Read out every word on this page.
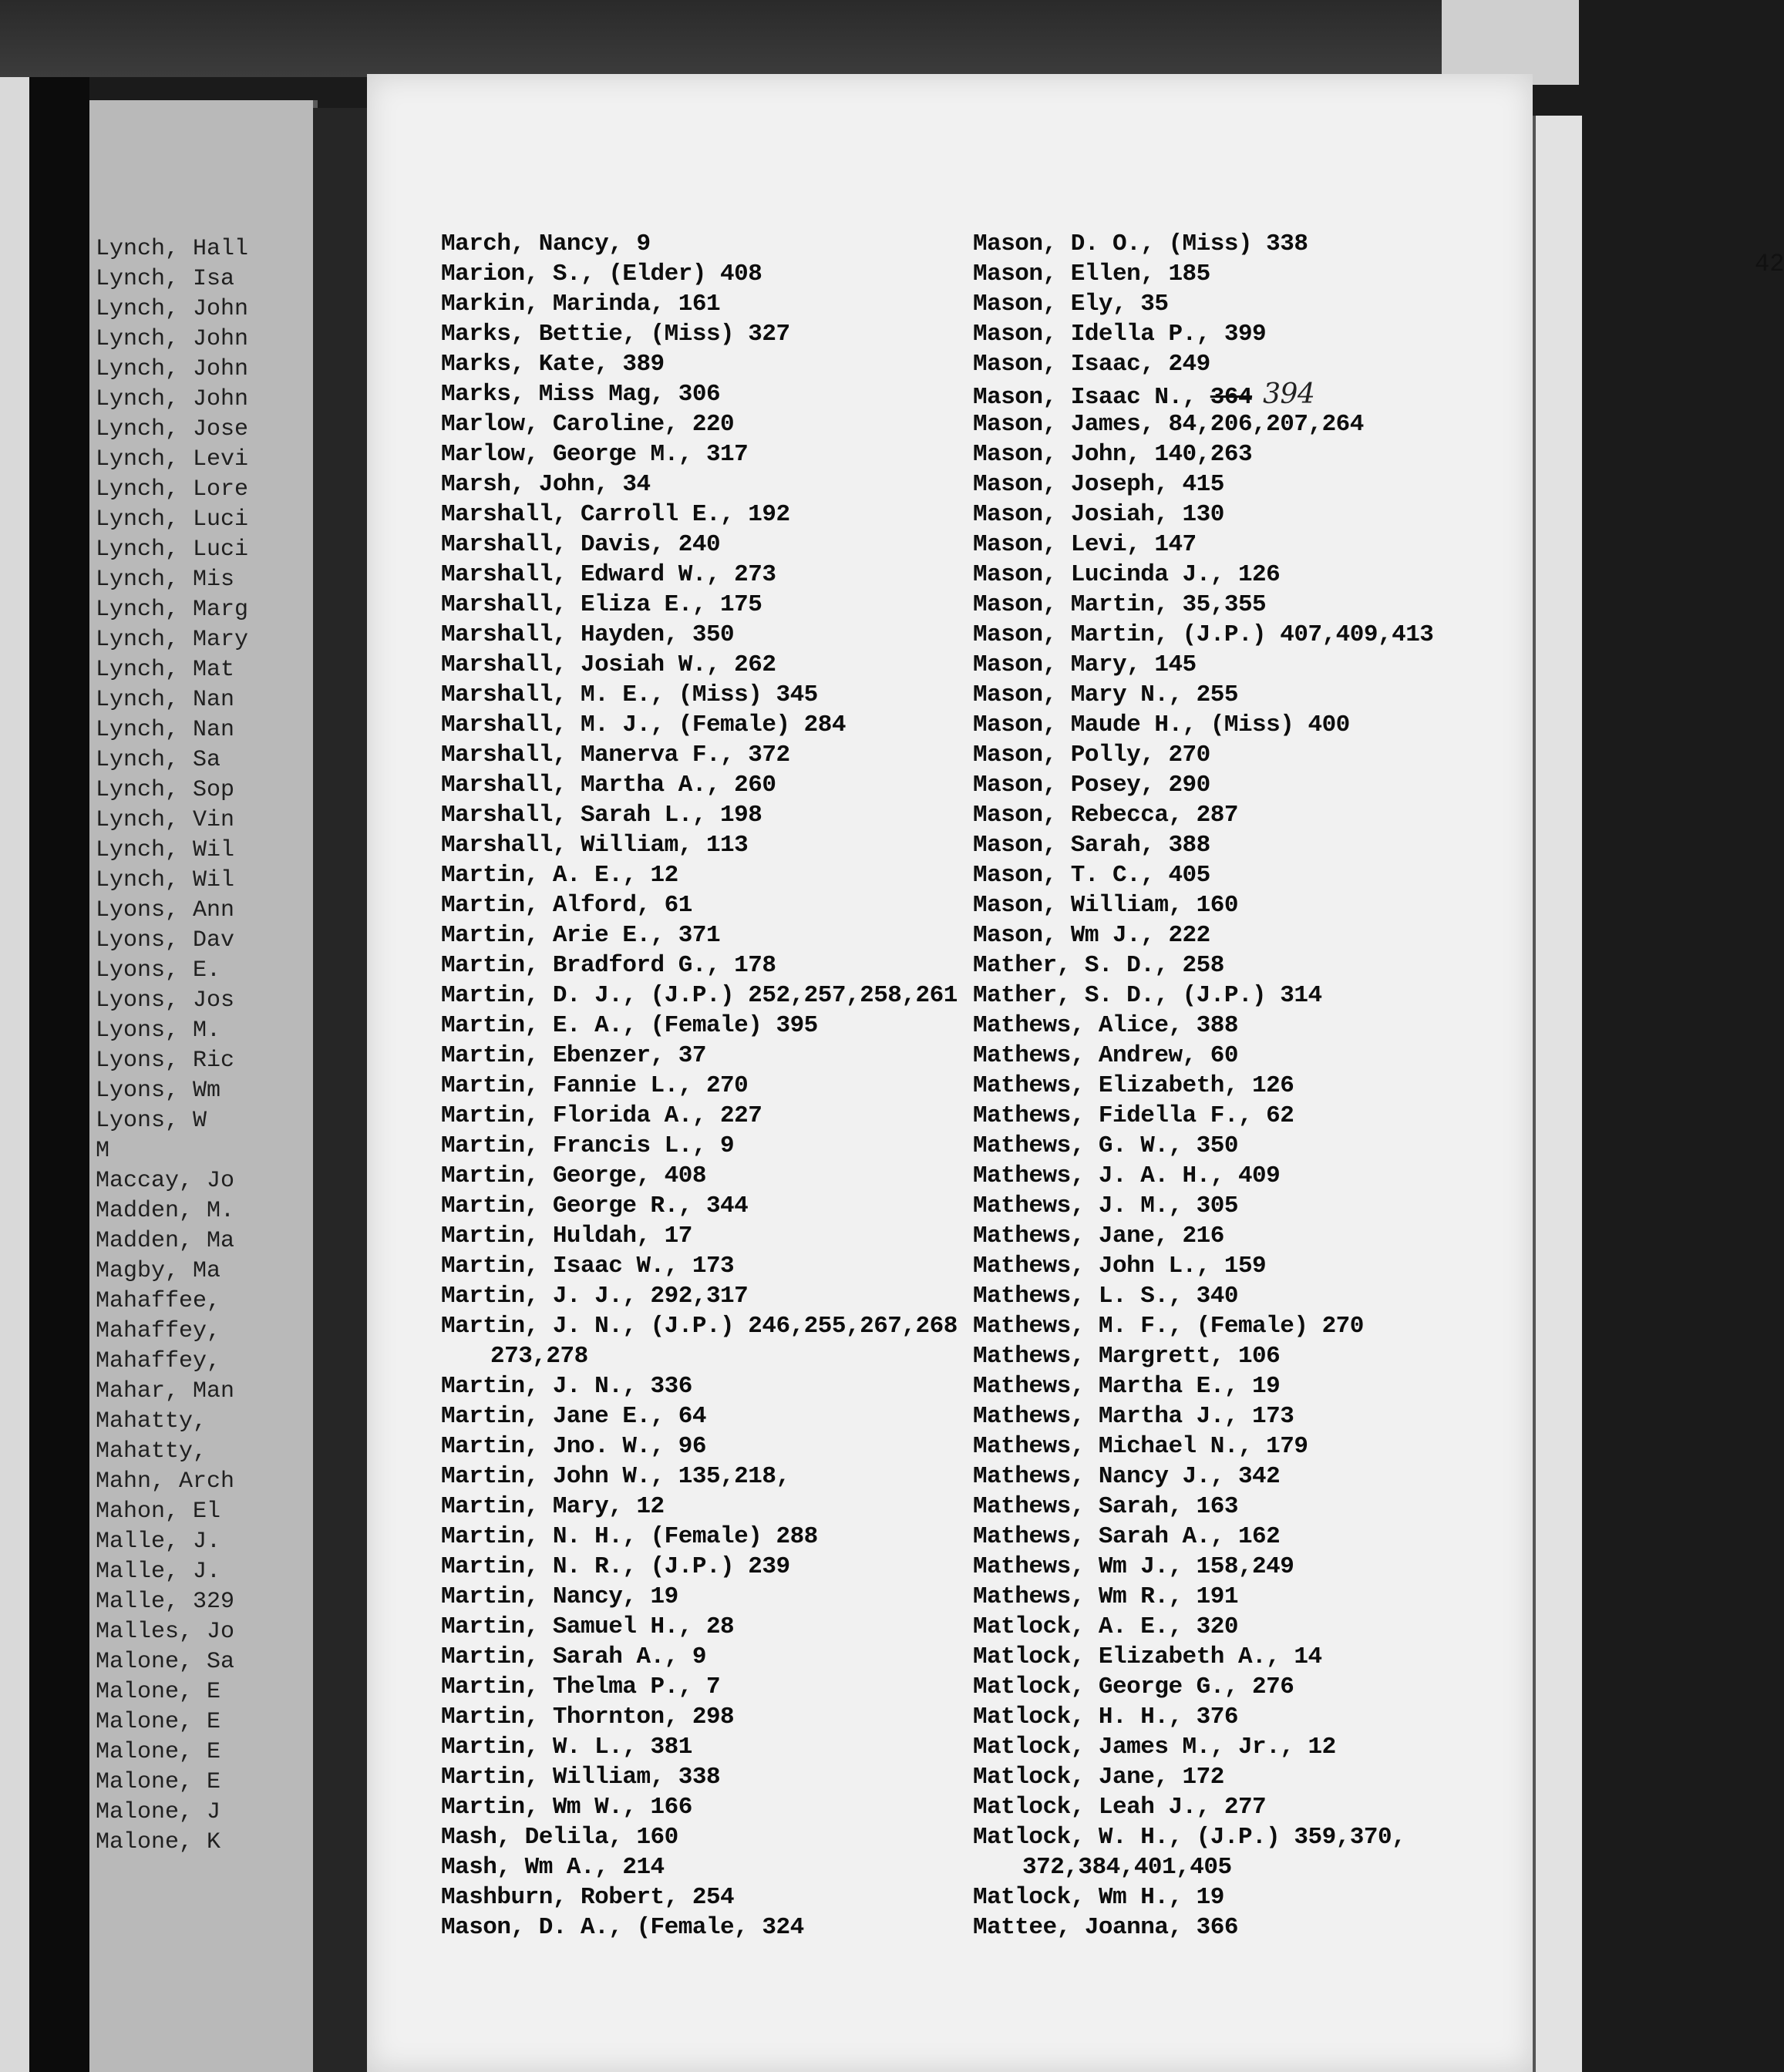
Lynch, Hall
Lynch, Isa
Lynch, John
Lynch, John
Lynch, John
Lynch, John
Lynch, Jose
Lynch, Levi
Lynch, Lore
Lynch, Luci
Lynch, Luci
Lynch, Mis
Lynch, Marg
Lynch, Mary
Lynch, Mat
Lynch, Nan
Lynch, Nan
Lynch, Sa
Lynch, Sop
Lynch, Vin
Lynch, Wil
Lynch, Wil
Lyons, Ann
Lyons, Dav
Lyons, E.
Lyons, Jos
Lyons, M.
Lyons, Ric
Lyons, Wm
Lyons, W
M
Maccay, Jo
Madden, M.
Madden, Ma
Magby, Ma
Mahaffee,
Mahaffey,
Mahaffey,
Mahar, Man
Mahatty,
Mahatty,
Mahn, Arch
Mahon, El
Malle, J.
Malle, J.
Malle, 329
Malles, Jo
Malone, Sa
Malone, E
Malone, E
Malone, E
Malone, E
Malone, J
Malone, K
42
March, Nancy, 9
Marion, S., (Elder) 408
Markin, Marinda, 161
Marks, Bettie, (Miss) 327
Marks, Kate, 389
Marks, Miss Mag, 306
Marlow, Caroline, 220
Marlow, George M., 317
Marsh, John, 34
Marshall, Carroll E., 192
Marshall, Davis, 240
Marshall, Edward W., 273
Marshall, Eliza E., 175
Marshall, Hayden, 350
Marshall, Josiah W., 262
Marshall, M. E., (Miss) 345
Marshall, M. J., (Female) 284
Marshall, Manerva F., 372
Marshall, Martha A., 260
Marshall, Sarah L., 198
Marshall, William, 113
Martin, A. E., 12
Martin, Alford, 61
Martin, Arie E., 371
Martin, Bradford G., 178
Martin, D. J., (J.P.) 252,257,258,261
Martin, E. A., (Female) 395
Martin, Ebenzer, 37
Martin, Fannie L., 270
Martin, Florida A., 227
Martin, Francis L., 9
Martin, George, 408
Martin, George R., 344
Martin, Huldah, 17
Martin, Isaac W., 173
Martin, J. J., 292,317
Martin, J. N., (J.P.) 246,255,267,268
273,278
Martin, J. N., 336
Martin, Jane E., 64
Martin, Jno. W., 96
Martin, John W., 135,218,
Martin, Mary, 12
Martin, N. H., (Female) 288
Martin, N. R., (J.P.) 239
Martin, Nancy, 19
Martin, Samuel H., 28
Martin, Sarah A., 9
Martin, Thelma P., 7
Martin, Thornton, 298
Martin, W. L., 381
Martin, William, 338
Martin, Wm W., 166
Mash, Delila, 160
Mash, Wm A., 214
Mashburn, Robert, 254
Mason, D. A., (Female, 324
Mason, D. O., (Miss) 338
Mason, Ellen, 185
Mason, Ely, 35
Mason, Idella P., 399
Mason, Isaac, 249
Mason, Isaac N., 364 394
Mason, James, 84,206,207,264
Mason, John, 140,263
Mason, Joseph, 415
Mason, Josiah, 130
Mason, Levi, 147
Mason, Lucinda J., 126
Mason, Martin, 35,355
Mason, Martin, (J.P.) 407,409,413
Mason, Mary, 145
Mason, Mary N., 255
Mason, Maude H., (Miss) 400
Mason, Polly, 270
Mason, Posey, 290
Mason, Rebecca, 287
Mason, Sarah, 388
Mason, T. C., 405
Mason, William, 160
Mason, Wm J., 222
Mather, S. D., 258
Mather, S. D., (J.P.) 314
Mathews, Alice, 388
Mathews, Andrew, 60
Mathews, Elizabeth, 126
Mathews, Fidella F., 62
Mathews, G. W., 350
Mathews, J. A. H., 409
Mathews, J. M., 305
Mathews, Jane, 216
Mathews, John L., 159
Mathews, L. S., 340
Mathews, M. F., (Female) 270
Mathews, Margrett, 106
Mathews, Martha E., 19
Mathews, Martha J., 173
Mathews, Michael N., 179
Mathews, Nancy J., 342
Mathews, Sarah, 163
Mathews, Sarah A., 162
Mathews, Wm J., 158,249
Mathews, Wm R., 191
Matlock, A. E., 320
Matlock, Elizabeth A., 14
Matlock, George G., 276
Matlock, H. H., 376
Matlock, James M., Jr., 12
Matlock, Jane, 172
Matlock, Leah J., 277
Matlock, W. H., (J.P.) 359,370,
372,384,401,405
Matlock, Wm H., 19
Mattee, Joanna, 366
